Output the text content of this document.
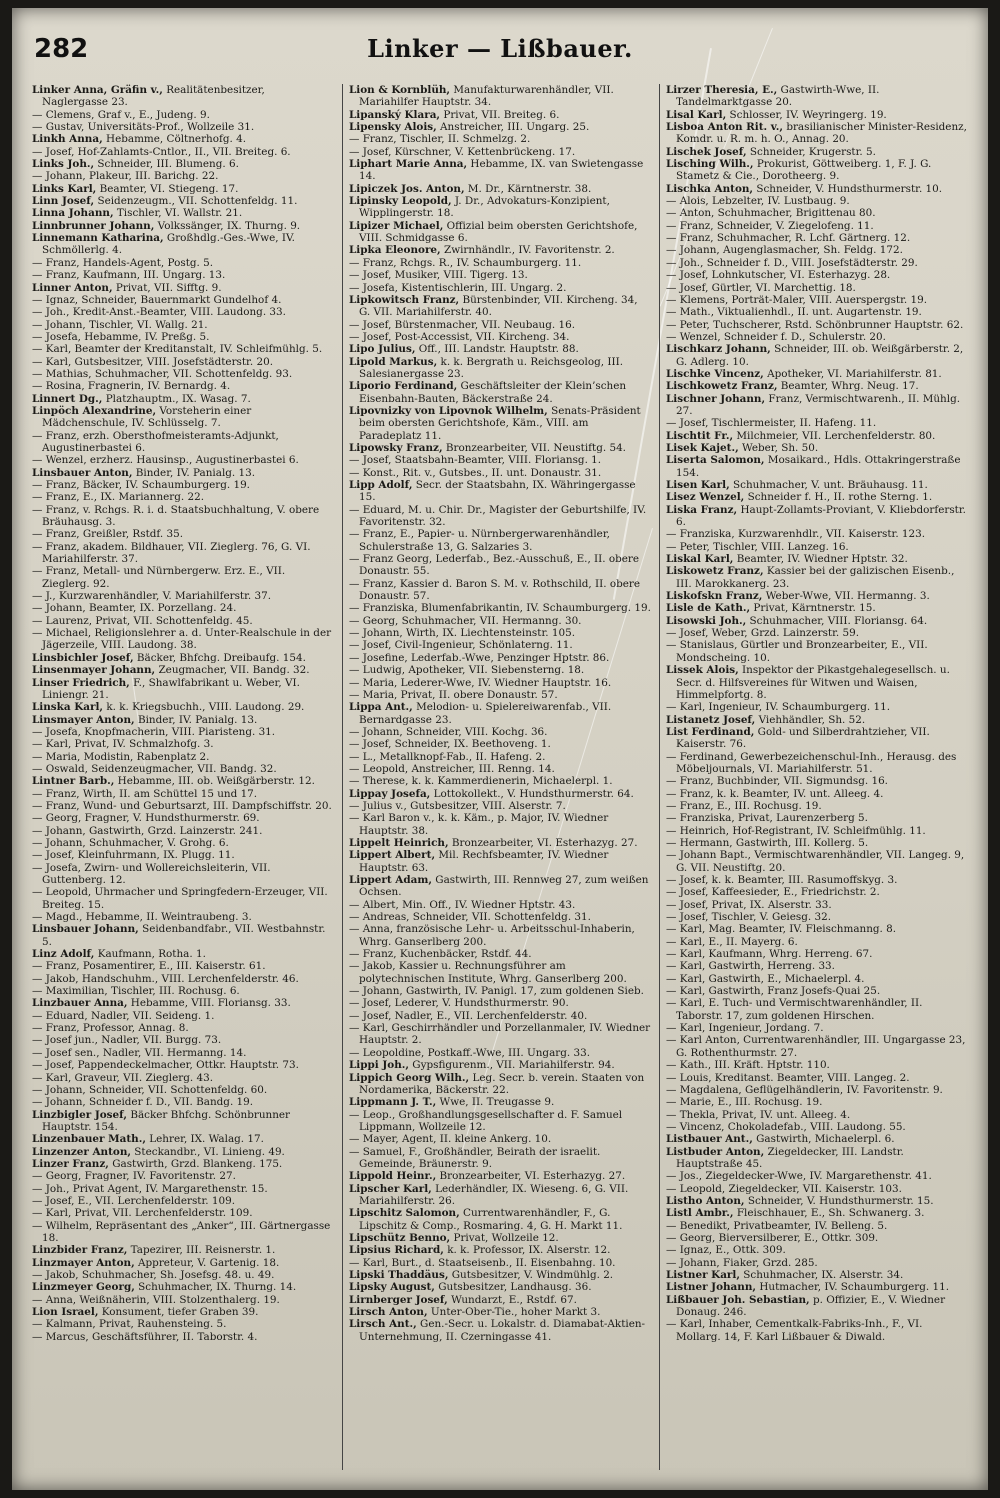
282	Linker — Lißbauer.

Linker Anna, Gräfin v., Realitätenbesitzer, Naglergasse 23.

— Clemens, Graf v., E., Judeng. 9.

— Gustav, Universitäts-Prof., Wollzeile 31.

Linkh Anna, Hebamme, Cöltnerhofg. 4.

— Josef, Hof-Zahlamts-Cntlor., II., VII. Breiteg. 6.

Links Joh., Schneider, III. Blumeng. 6.

— Johann, Plakeur, III. Barichg. 22.

Links Karl, Beamter, VI. Stiegeng. 17.

Linn Josef, Seidenzeugm., VII. Schottenfeldg. 11.

Linna Johann, Tischler, VI. Wallstr. 21.

Linnbrunner Johann, Volkssänger, IX. Thurng. 9.

Linnemann Katharina, Großhdlg.-Ges.-Wwe, IV. Schmöllerlg. 4.

— Franz, Handels-Agent, Postg. 5.

— Franz, Kaufmann, III. Ungarg. 13.

Linner Anton, Privat, VII. Sifftg. 9.

— Ignaz, Schneider, Bauernmarkt Gundelhof 4.

— Joh., Kredit-Anst.-Beamter, VIII. Laudong. 33.

— Johann, Tischler, VI. Wallg. 21.

— Josefa, Hebamme, IV. Preßg. 5.

— Karl, Beamter der Kreditanstalt, IV. Schleifmühlg. 5.

— Karl, Gutsbesitzer, VIII. Josefstädterstr. 20.

— Mathias, Schuhmacher, VII. Schottenfeldg. 93.

— Rosina, Fragnerin, IV. Bernardg. 4.

Linnert Dg., Platzhauptm., IX. Wasag. 7.

Linpöch Alexandrine, Vorsteherin einer Mädchenschule, IV. Schlüsselg. 7.

— Franz, erzh. Obersthofmeisteramts-Adjunkt, Augustinerbastei 6.

— Wenzel, erzherz. Hausinsp., Augustinerbastei 6.

Linsbauer Anton, Binder, IV. Panialg. 13.

— Franz, Bäcker, IV. Schaumburgerg. 19.

— Franz, E., IX. Mariannerg. 22.

— Franz, v. Rchgs. R. i. d. Staatsbuchhaltung, V. obere Bräuhausg. 3.

— Franz, Greißler, Rstdf. 35.

— Franz, akadem. Bildhauer, VII. Zieglerg. 76, G. VI. Mariahilferstr. 37.

— Franz, Metall- und Nürnbergerw. Erz. E., VII. Zieglerg. 92.

— J., Kurzwarenhändler, V. Mariahilferstr. 37.

— Johann, Beamter, IX. Porzellang. 24.

— Laurenz, Privat, VII. Schottenfeldg. 45.

— Michael, Religionslehrer a. d. Unter-Realschule in der Jägerzeile, VIII. Laudong. 38.

Linsbichler Josef, Bäcker, Bhfchg. Dreibaufg. 154.

Linsenmayer Johann, Zeugmacher, VII. Bandg. 32.

Linser Friedrich, F., Shawlfabrikant u. Weber, VI. Liniengr. 21.

Linska Karl, k. k. Kriegsbuchh., VIII. Laudong. 29.

Linsmayer Anton, Binder, IV. Panialg. 13.

— Josefa, Knopfmacherin, VIII. Piaristeng. 31.

— Karl, Privat, IV. Schmalzhofg. 3.

— Maria, Modistin, Rabenplatz 2.

— Oswald, Seidenzeugmacher, VII. Bandg. 32.

Lintner Barb., Hebamme, III. ob. Weißgärberstr. 12.

— Franz, Wirth, II. am Schüttel 15 und 17.

— Franz, Wund- und Geburtsarzt, III. Dampfschiffstr. 20.

— Georg, Fragner, V. Hundsthurmerstr. 69.

— Johann, Gastwirth, Grzd. Lainzerstr. 241.

— Johann, Schuhmacher, V. Grohg. 6.

— Josef, Kleinfuhrmann, IX. Plugg. 11.

— Josefa, Zwirn- und Wollereichsleiterin, VII. Guttenberg. 12.

— Leopold, Uhrmacher und Springfedern-Erzeuger, VII. Breiteg. 15.

— Magd., Hebamme, II. Weintraubeng. 3.

Linsbauer Johann, Seidenbandfabr., VII. Westbahnstr. 5.

Linz Adolf, Kaufmann, Rotha. 1.

— Franz, Posamentirer, E., III. Kaiserstr. 61.

— Jakob, Handschuhm., VIII. Lerchenfelderstr. 46.

— Maximilian, Tischler, III. Rochusg. 6.

Linzbauer Anna, Hebamme, VIII. Floriansg. 33.

— Eduard, Nadler, VII. Seideng. 1.

— Franz, Professor, Annag. 8.

— Josef jun., Nadler, VII. Burgg. 73.

— Josef sen., Nadler, VII. Hermanng. 14.

— Josef, Pappendeckelmacher, Ottkr. Hauptstr. 73.

— Karl, Graveur, VII. Zieglerg. 43.

— Johann, Schneider, VII. Schottenfeldg. 60.

— Johann, Schneider f. D., VII. Bandg. 19.

Linzbigler Josef, Bäcker Bhfchg. Schönbrunner Hauptstr. 154.

Linzenbauer Math., Lehrer, IX. Walag. 17.

Linzenzer Anton, Steckandbr., VI. Linieng. 49.

Linzer Franz, Gastwirth, Grzd. Blankeng. 175.

— Georg, Fragner, IV. Favoritenstr. 27.

— Joh., Privat Agent, IV. Margarethenstr. 15.

— Josef, E., VII. Lerchenfelderstr. 109.

— Karl, Privat, VII. Lerchenfelderstr. 109.

— Wilhelm, Repräsentant des „Anker“, III. Gärtnergasse 18.

Linzbider Franz, Tapezirer, III. Reisnerstr. 1.

Linzmayer Anton, Appreteur, V. Gartenig. 18.

— Jakob, Schuhmacher, Sh. Josefsg. 48. u. 49.

Linzmeyer Georg, Schuhmacher, IX. Thurng. 14.

— Anna, Weißnäherin, VIII. Stolzenthalerg. 19.

Lion Israel, Konsument, tiefer Graben 39.

— Kalmann, Privat, Rauhensteing. 5.

— Marcus, Geschäftsführer, II. Taborstr. 4.

Lion & Kornblüh, Manufakturwarenhändler, VII. Mariahilfer Hauptstr. 34.

Lipanský Klara, Privat, VII. Breiteg. 6.

Lipensky Alois, Anstreicher, III. Ungarg. 25.

— Franz, Tischler, II. Schmelzg. 2.

— Josef, Kürschner, V. Kettenbrückeng. 17.

Liphart Marie Anna, Hebamme, IX. van Swietengasse 14.

Lipiczek Jos. Anton, M. Dr., Kärntnerstr. 38.

Lipinsky Leopold, J. Dr., Advokaturs-Konzipient, Wipplingerstr. 18.

Lipizer Michael, Offizial beim obersten Gerichtshofe, VIII. Schmidgasse 6.

Lipka Eleonore, Zwirnhändlr., IV. Favoritenstr. 2.

— Franz, Rchgs. R., IV. Schaumburgerg. 11.

— Josef, Musiker, VIII. Tigerg. 13.

— Josefa, Kistentischlerin, III. Ungarg. 2.

Lipkowitsch Franz, Bürstenbinder, VII. Kircheng. 34, G. VII. Mariahilferstr. 40.

— Josef, Bürstenmacher, VII. Neubaug. 16.

— Josef, Post-Accessist, VII. Kircheng. 34.

Lipo Julius, Off., III. Landstr. Hauptstr. 88.

Lipold Markus, k. k. Bergrath u. Reichsgeolog, III. Salesianergasse 23.

Liporio Ferdinand, Geschäftsleiter der Klein’schen Eisenbahn-Bauten, Bäckerstraße 24.

Lipovnizky von Lipovnok Wilhelm, Senats-Präsident beim obersten Gerichtshofe, Käm., VIII. am Paradeplatz 11.

Lipowsky Franz, Bronzearbeiter, VII. Neustiftg. 54.

— Josef, Staatsbahn-Beamter, VIII. Floriansg. 1.

— Konst., Rit. v., Gutsbes., II. unt. Donaustr. 31.

Lipp Adolf, Secr. der Staatsbahn, IX. Währingergasse 15.

— Eduard, M. u. Chir. Dr., Magister der Geburtshilfe, IV. Favoritenstr. 32.

— Franz, E., Papier- u. Nürnbergerwarenhändler, Schulerstraße 13, G. Salzaries 3.

— Franz Georg, Lederfab., Bez.-Ausschuß, E., II. obere Donaustr. 55.

— Franz, Kassier d. Baron S. M. v. Rothschild, II. obere Donaustr. 57.

— Franziska, Blumenfabrikantin, IV. Schaumburgerg. 19.

— Georg, Schuhmacher, VII. Hermanng. 30.

— Johann, Wirth, IX. Liechtensteinstr. 105.

— Josef, Civil-Ingenieur, Schönlaterng. 11.

— Josefine, Lederfab.-Wwe, Penzinger Hptstr. 86.

— Ludwig, Apotheker, VII. Siebensterng. 18.

— Maria, Lederer-Wwe, IV. Wiedner Hauptstr. 16.

— Maria, Privat, II. obere Donaustr. 57.

Lippa Ant., Melodion- u. Spielereiwarenfab., VII. Bernardgasse 23.

— Johann, Schneider, VIII. Kochg. 36.

— Josef, Schneider, IX. Beethoveng. 1.

— L., Metallknopf-Fab., II. Hafeng. 2.

— Leopold, Anstreicher, III. Renng. 14.

— Therese, k. k. Kammerdienerin, Michaelerpl. 1.

Lippay Josefa, Lottokollekt., V. Hundsthurmerstr. 64.

— Julius v., Gutsbesitzer, VIII. Alserstr. 7.

— Karl Baron v., k. k. Käm., p. Major, IV. Wiedner Hauptstr. 38.

Lippelt Heinrich, Bronzearbeiter, VI. Esterhazyg. 27.

Lippert Albert, Mil. Rechfsbeamter, IV. Wiedner Hauptstr. 63.

Lippert Adam, Gastwirth, III. Rennweg 27, zum weißen Ochsen.

— Albert, Min. Off., IV. Wiedner Hptstr. 43.

— Andreas, Schneider, VII. Schottenfeldg. 31.

— Anna, französische Lehr- u. Arbeitsschul-Inhaberin, Whrg. Ganserlberg 200.

— Franz, Kuchenbäcker, Rstdf. 44.

— Jakob, Kassier u. Rechnungsführer am polytechnischen Institute, Whrg. Ganserlberg 200.

— Johann, Gastwirth, IV. Panigl. 17, zum goldenen Sieb.

— Josef, Lederer, V. Hundsthurmerstr. 90.

— Josef, Nadler, E., VII. Lerchenfelderstr. 40.

— Karl, Geschirrhändler und Porzellanmaler, IV. Wiedner Hauptstr. 2.

— Leopoldine, Postkaff.-Wwe, III. Ungarg. 33.

Lippi Joh., Gypsfigurenm., VII. Mariahilferstr. 94.

Lippich Georg Wilh., Leg. Secr. b. verein. Staaten von Nordamerika, Bäckerstr. 22.

Lippmann J. T., Wwe, II. Treugasse 9.

— Leop., Großhandlungsgesellschafter d. F. Samuel Lippmann, Wollzeile 12.

— Mayer, Agent, II. kleine Ankerg. 10.

— Samuel, F., Großhändler, Beirath der israelit. Gemeinde, Bräunerstr. 9.

Lippold Heinr., Bronzearbeiter, VI. Esterhazyg. 27.

Lipscher Karl, Lederhändler, IX. Wieseng. 6, G. VII. Mariahilferstr. 26.

Lipschitz Salomon, Currentwarenhändler, F., G. Lipschitz & Comp., Rosmaring. 4, G. H. Markt 11.

Lipschütz Benno, Privat, Wollzeile 12.

Lipsius Richard, k. k. Professor, IX. Alserstr. 12.

— Karl, Burt., d. Staatseisenb., II. Eisenbahng. 10.

Lipski Thaddäus, Gutsbesitzer, V. Windmühlg. 2.

Lipsky August, Gutsbesitzer, Landhausg. 36.

Lirnberger Josef, Wundarzt, E., Rstdf. 67.

Lirsch Anton, Unter-Ober-Tie., hoher Markt 3.

Lirsch Ant., Gen.-Secr. u. Lokalstr. d. Diamabat-Aktien-Unternehmung, II. Czerningasse 41.

Lirzer Theresia, E., Gastwirth-Wwe, II. Tandelmarktgasse 20.

Lisal Karl, Schlosser, IV. Weyringerg. 19.

Lisboa Anton Rit. v., brasilianischer Minister-Residenz, Komdr. u. R. m. h. O., Annag. 20.

Lischek Josef, Schneider, Krugerstr. 5.

Lisching Wilh., Prokurist, Göttweiberg. 1, F. J. G. Stametz & Cie., Dorotheerg. 9.

Lischka Anton, Schneider, V. Hundsthurmerstr. 10.

— Alois, Lebzelter, IV. Lustbaug. 9.

— Anton, Schuhmacher, Brigittenau 80.

— Franz, Schneider, V. Ziegelofeng. 11.

— Franz, Schuhmacher, R. Lchf. Gärtnerg. 12.

— Johann, Augenglasmacher, Sh. Feldg. 172.

— Joh., Schneider f. D., VIII. Josefstädterstr. 29.

— Josef, Lohnkutscher, VI. Esterhazyg. 28.

— Josef, Gürtler, VI. Marchettig. 18.

— Klemens, Porträt-Maler, VIII. Auerspergstr. 19.

— Math., Viktualienhdl., II. unt. Augartenstr. 19.

— Peter, Tuchscherer, Rstd. Schönbrunner Hauptstr. 62.

— Wenzel, Schneider f. D., Schulerstr. 20.

Lischkarz Johann, Schneider, III. ob. Weißgärberstr. 2, G. Adlerg. 10.

Lischke Vincenz, Apotheker, VI. Mariahilferstr. 81.

Lischkowetz Franz, Beamter, Whrg. Neug. 17.

Lischner Johann, Franz, Vermischtwarenh., II. Mühlg. 27.

— Josef, Tischlermeister, II. Hafeng. 11.

Lischtit Fr., Milchmeier, VII. Lerchenfelderstr. 80.

Lisek Kajet., Weber, Sh. 50.

Liserta Salomon, Mosaikard., Hdls. Ottakringerstraße 154.

Lisen Karl, Schuhmacher, V. unt. Bräuhausg. 11.

Lisez Wenzel, Schneider f. H., II. rothe Sterng. 1.

Liska Franz, Haupt-Zollamts-Proviant, V. Kliebdorferstr. 6.

— Franziska, Kurzwarenhdlr., VII. Kaiserstr. 123.

— Peter, Tischler, VIII. Lanzeg. 16.

Liskal Karl, Beamter, IV. Wiedner Hptstr. 32.

Liskowetz Franz, Kassier bei der galizischen Eisenb., III. Marokkanerg. 23.

Liskofskn Franz, Weber-Wwe, VII. Hermanng. 3.

Lisle de Kath., Privat, Kärntnerstr. 15.

Lisowski Joh., Schuhmacher, VIII. Floriansg. 64.

— Josef, Weber, Grzd. Lainzerstr. 59.

— Stanislaus, Gürtler und Bronzearbeiter, E., VII. Mondscheing. 10.

Lissek Alois, Inspektor der Pikastgehalegesellsch. u. Secr. d. Hilfsvereines für Witwen und Waisen, Himmelpfortg. 8.

— Karl, Ingenieur, IV. Schaumburgerg. 11.

Listanetz Josef, Viehhändler, Sh. 52.

List Ferdinand, Gold- und Silberdrahtzieher, VII. Kaiserstr. 76.

— Ferdinand, Gewerbezeichenschul-Inh., Herausg. des Möbeljournals, VI. Mariahilferstr. 51.

— Franz, Buchbinder, VII. Sigmundsg. 16.

— Franz, k. k. Beamter, IV. unt. Alleeg. 4.

— Franz, E., III. Rochusg. 19.

— Franziska, Privat, Laurenzerberg 5.

— Heinrich, Hof-Registrant, IV. Schleifmühlg. 11.

— Hermann, Gastwirth, III. Kollerg. 5.

— Johann Bapt., Vermischtwarenhändler, VII. Langeg. 9, G. VII. Neustiftg. 20.

— Josef, k. k. Beamter, III. Rasumoffskyg. 3.

— Josef, Kaffeesieder, E., Friedrichstr. 2.

— Josef, Privat, IX. Alserstr. 33.

— Josef, Tischler, V. Geiesg. 32.

— Karl, Mag. Beamter, IV. Fleischmanng. 8.

— Karl, E., II. Mayerg. 6.

— Karl, Kaufmann, Whrg. Herreng. 67.

— Karl, Gastwirth, Herreng. 33.

— Karl, Gastwirth, E., Michaelerpl. 4.

— Karl, Gastwirth, Franz Josefs-Quai 25.

— Karl, E. Tuch- und Vermischtwarenhändler, II. Taborstr. 17, zum goldenen Hirschen.

— Karl, Ingenieur, Jordang. 7.

— Karl Anton, Currentwarenhändler, III. Ungargasse 23, G. Rothenthurmstr. 27.

— Kath., III. Kräft. Hptstr. 110.

— Louis, Kreditanst. Beamter, VIII. Langeg. 2.

— Magdalena, Geflügelhändlerin, IV. Favoritenstr. 9.

— Marie, E., III. Rochusg. 19.

— Thekla, Privat, IV. unt. Alleeg. 4.

— Vincenz, Chokoladefab., VIII. Laudong. 55.

Listbauer Ant., Gastwirth, Michaelerpl. 6.

Listbuder Anton, Ziegeldecker, III. Landstr. Hauptstraße 45.

— Jos., Ziegeldecker-Wwe, IV. Margarethenstr. 41.

— Leopold, Ziegeldecker, VII. Kaiserstr. 103.

Listho Anton, Schneider, V. Hundsthurmerstr. 15.

Listl Ambr., Fleischhauer, E., Sh. Schwanerg. 3.

— Benedikt, Privatbeamter, IV. Belleng. 5.

— Georg, Bierversilberer, E., Ottkr. 309.

— Ignaz, E., Ottk. 309.

— Johann, Fiaker, Grzd. 285.

Listner Karl, Schuhmacher, IX. Alserstr. 34.

Listner Johann, Hutmacher, IV. Schaumburgerg. 11.

Lißbauer Joh. Sebastian, p. Offizier, E., V. Wiedner Donaug. 246.

— Karl, Inhaber, Cementkalk-Fabriks-Inh., F., VI. Mollarg. 14, F. Karl Lißbauer & Diwald.
